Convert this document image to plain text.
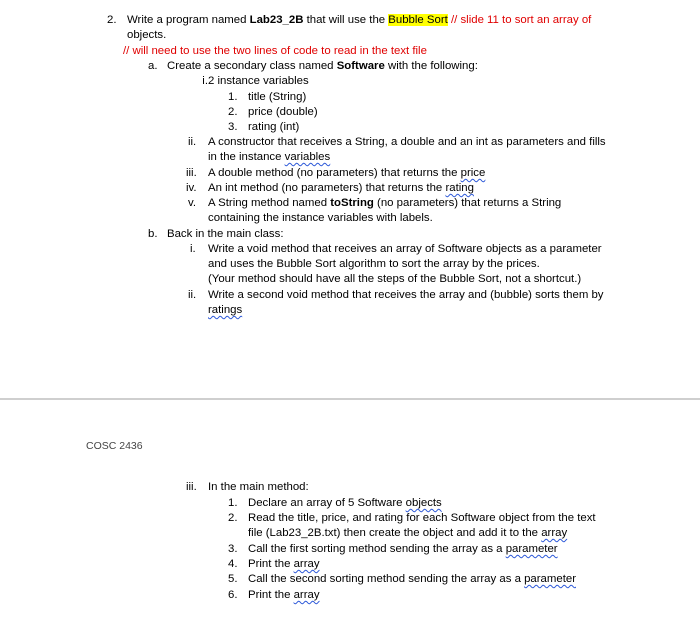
2. Write a program named Lab23_2B that will use the Bubble Sort // slide 11 to sort an array of
objects.
// will need to use the two lines of code to read in the text file
a. Create a secondary class named Software with the following:
i.2 instance variables
1. title (String)
2. price (double)
3. rating (int)
ii. A constructor that receives a String, a double and an int as parameters and fills
in the instance variables
iii. A double method (no parameters) that returns the price
iv. An int method (no parameters) that returns the rating
v. A String method named toString (no parameters) that returns a String
containing the instance variables with labels.
b. Back in the main class:
i. Write a void method that receives an array of Software objects as a parameter
and uses the Bubble Sort algorithm to sort the array by the prices.
(Your method should have all the steps of the Bubble Sort, not a shortcut.)
ii. Write a second void method that receives the array and (bubble) sorts them by
ratings
COSC 2436
iii. In the main method:
1. Declare an array of 5 Software objects
2. Read the title, price, and rating for each Software object from the text
file (Lab23_2B.txt) then create the object and add it to the array
3. Call the first sorting method sending the array as a parameter
4. Print the array
5. Call the second sorting method sending the array as a parameter
6. Print the array
